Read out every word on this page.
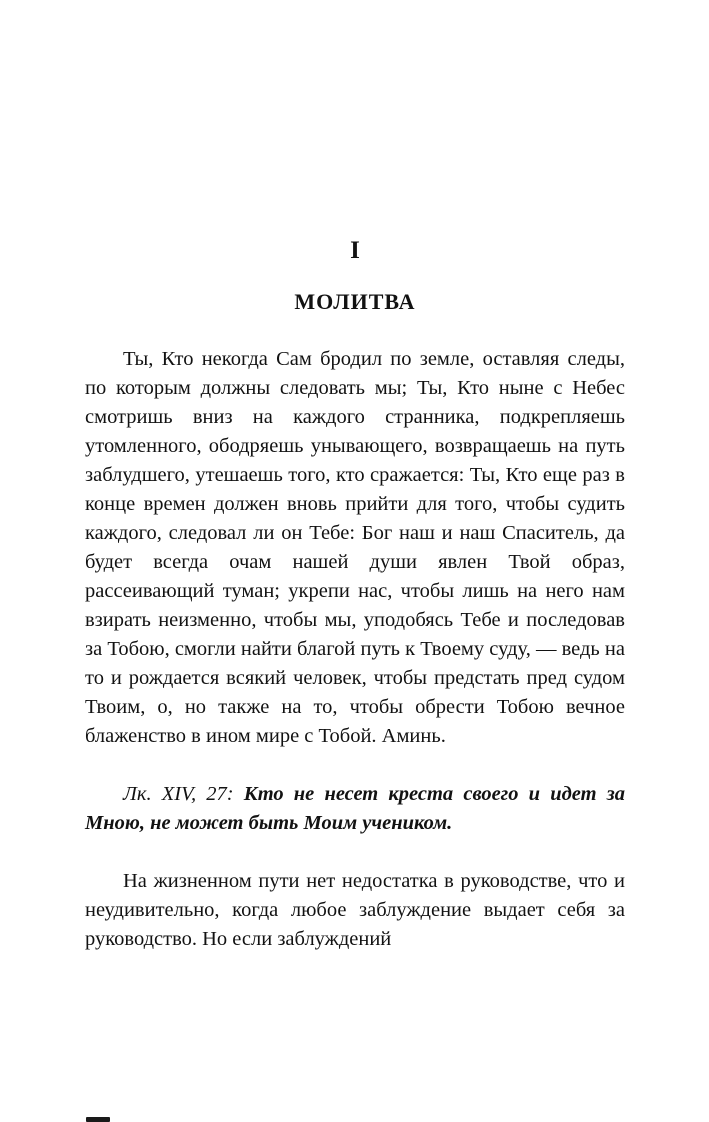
I
МОЛИТВА

Ты, Кто некогда Сам бродил по земле, оставляя следы, по которым должны следовать мы; Ты, Кто ныне с Небес смотришь вниз на каждого странника, подкрепляешь утомленного, ободряешь унывающего, возвращаешь на путь заблудшего, утешаешь того, кто сражается: Ты, Кто еще раз в конце времен должен вновь прийти для того, чтобы судить каждого, следовал ли он Тебе: Бог наш и наш Спаситель, да будет всегда очам нашей души явлен Твой образ, рассеивающий туман; укрепи нас, чтобы лишь на него нам взирать неизменно, чтобы мы, уподобясь Тебе и последовав за Тобою, смогли найти благой путь к Твоему суду, — ведь на то и рождается всякий человек, чтобы предстать пред судом Твоим, о, но также на то, чтобы обрести Тобою вечное блаженство в ином мире с Тобой. Аминь.

Лк. XIV, 27: Кто не несет креста своего и идет за Мною, не может быть Моим учеником.

На жизненном пути нет недостатка в руководстве, что и неудивительно, когда любое заблуждение выдает себя за руководство. Но если заблуждений
